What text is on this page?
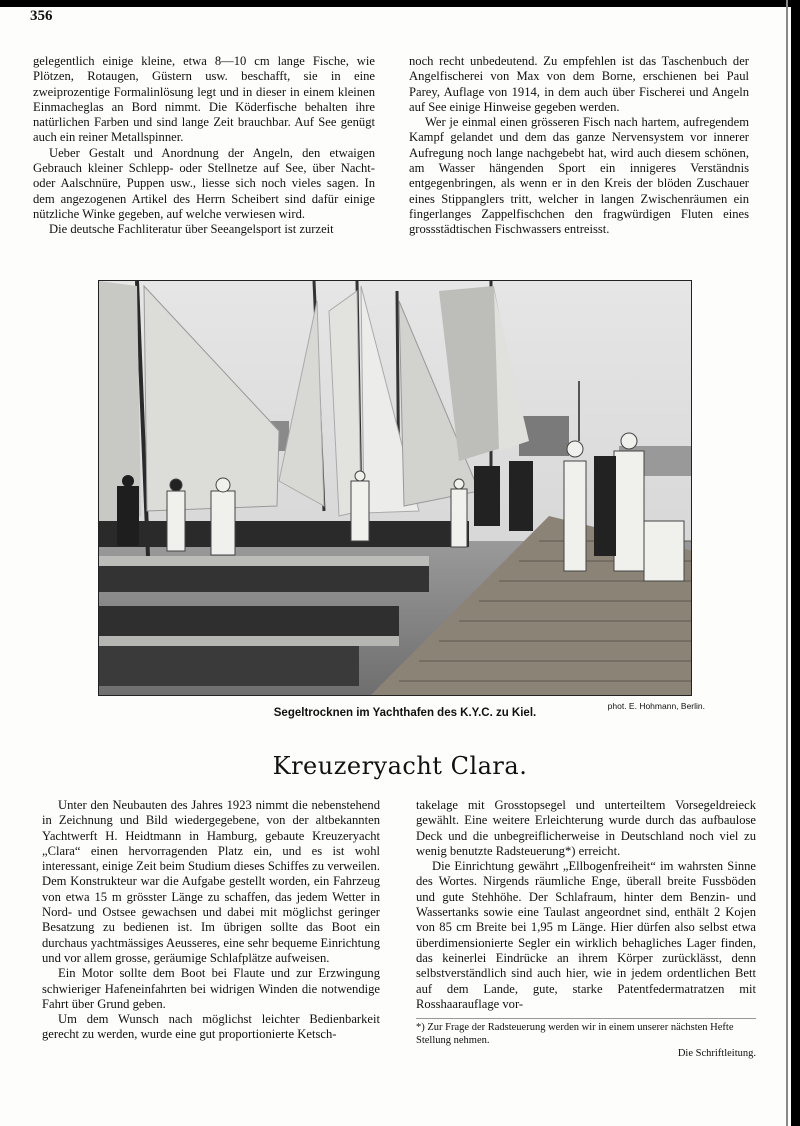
356

gelegentlich einige kleine, etwa 8—10 cm lange Fische, wie Plötzen, Rotaugen, Güstern usw. beschafft, sie in eine zweiprozentige Formalinlösung legt und in dieser in einem kleinen Einmacheglas an Bord nimmt. Die Köderfische behalten ihre natürlichen Farben und sind lange Zeit brauchbar. Auf See genügt auch ein reiner Metallspinner.

Ueber Gestalt und Anordnung der Angeln, den etwaigen Gebrauch kleiner Schlepp- oder Stellnetze auf See, über Nacht- oder Aalschnüre, Puppen usw., liesse sich noch vieles sagen. In dem angezogenen Artikel des Herrn Scheibert sind dafür einige nützliche Winke gegeben, auf welche verwiesen wird.

Die deutsche Fachliteratur über Seeangelsport ist zurzeit

noch recht unbedeutend. Zu empfehlen ist das Taschenbuch der Angelfischerei von Max von dem Borne, erschienen bei Paul Parey, Auflage von 1914, in dem auch über Fischerei und Angeln auf See einige Hinweise gegeben werden.

Wer je einmal einen grösseren Fisch nach hartem, aufregendem Kampf gelandet und dem das ganze Nervensystem vor innerer Aufregung noch lange nachgebebt hat, wird auch diesem schönen, am Wasser hängenden Sport ein innigeres Verständnis entgegenbringen, als wenn er in den Kreis der blöden Zuschauer eines Stippanglers tritt, welcher in langen Zwischenräumen ein fingerlanges Zappelfischchen den fragwürdigen Fluten eines grossstädtischen Fischwassers entreisst.

Segeltrocknen im Yachthafen des K.Y.C. zu Kiel.
phot. E. Hohmann, Berlin.
Kreuzeryacht Clara.

Unter den Neubauten des Jahres 1923 nimmt die nebenstehend in Zeichnung und Bild wiedergegebene, von der altbekannten Yachtwerft H. Heidtmann in Hamburg, gebaute Kreuzeryacht „Clara“ einen hervorragenden Platz ein, und es ist wohl interessant, einige Zeit beim Studium dieses Schiffes zu verweilen. Dem Konstrukteur war die Aufgabe gestellt worden, ein Fahrzeug von etwa 15 m grösster Länge zu schaffen, das jedem Wetter in Nord- und Ostsee gewachsen und dabei mit möglichst geringer Besatzung zu bedienen ist. Im übrigen sollte das Boot ein durchaus yachtmässiges Aeusseres, eine sehr bequeme Einrichtung und vor allem grosse, geräumige Schlafplätze aufweisen.

Ein Motor sollte dem Boot bei Flaute und zur Erzwingung schwieriger Hafeneinfahrten bei widrigen Winden die notwendige Fahrt über Grund geben.

Um dem Wunsch nach möglichst leichter Bedienbarkeit gerecht zu werden, wurde eine gut proportionierte Ketsch-

takelage mit Grosstopsegel und unterteiltem Vorsegeldreieck gewählt. Eine weitere Erleichterung wurde durch das aufbaulose Deck und die unbegreiflicherweise in Deutschland noch viel zu wenig benutzte Radsteuerung*) erreicht.

Die Einrichtung gewährt „Ellbogenfreiheit“ im wahrsten Sinne des Wortes. Nirgends räumliche Enge, überall breite Fussböden und gute Stehhöhe. Der Schlafraum, hinter dem Benzin- und Wassertanks sowie eine Taulast angeordnet sind, enthält 2 Kojen von 85 cm Breite bei 1,95 m Länge. Hier dürfen also selbst etwa überdimensionierte Segler ein wirklich behagliches Lager finden, das keinerlei Eindrücke an ihrem Körper zurücklässt, denn selbstverständlich sind auch hier, wie in jedem ordentlichen Bett auf dem Lande, gute, starke Patentfedermatratzen mit Rosshaarauflage vor-

*) Zur Frage der Radsteuerung werden wir in einem unserer nächsten Hefte Stellung nehmen.
Die Schriftleitung.
